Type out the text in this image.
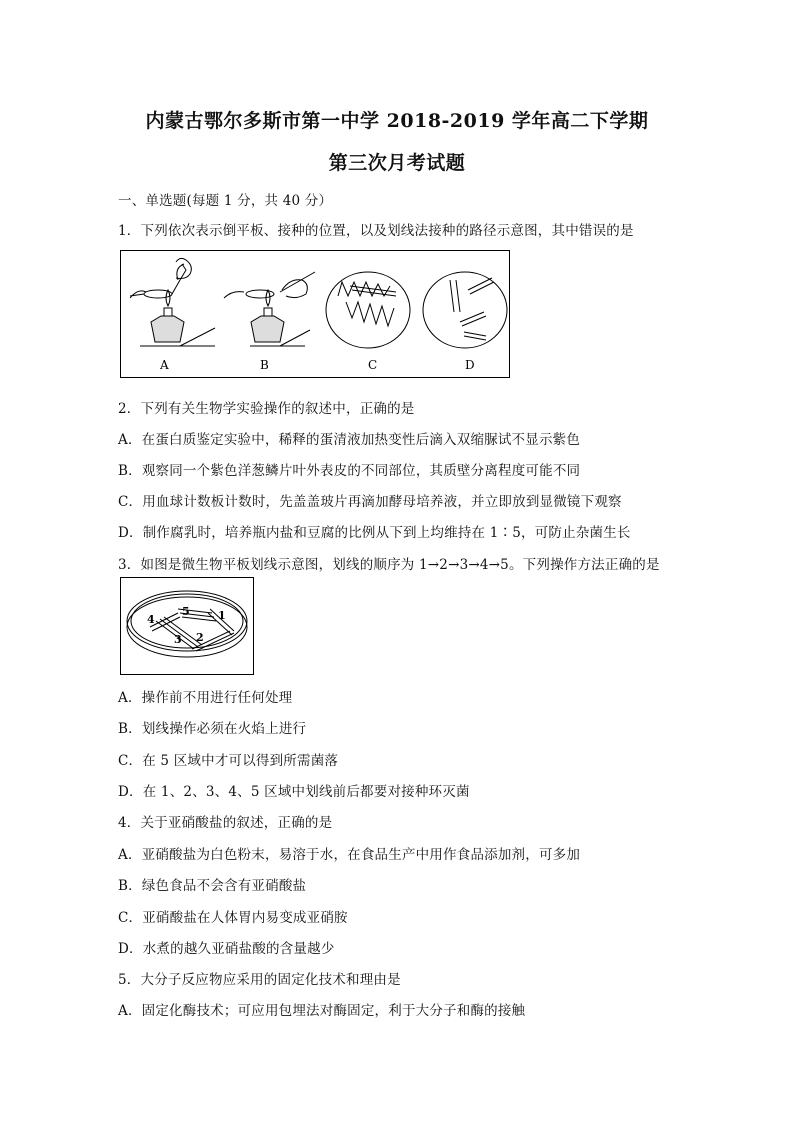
内蒙古鄂尔多斯市第一中学 2018-2019 学年高二下学期
第三次月考试题
一、单选题(每题 1 分，共 40 分）
1．下列依次表示倒平板、接种的位置，以及划线法接种的路径示意图，其中错误的是
A	B	C	D
2．下列有关生物学实验操作的叙述中，正确的是
A．在蛋白质鉴定实验中，稀释的蛋清液加热变性后滴入双缩脲试不显示紫色
B．观察同一个紫色洋葱鳞片叶外表皮的不同部位，其质壁分离程度可能不同
C．用血球计数板计数时，先盖盖玻片再滴加酵母培养液，并立即放到显微镜下观察
D．制作腐乳时，培养瓶内盐和豆腐的比例从下到上均维持在 1∶5，可防止杂菌生长
3．如图是微生物平板划线示意图，划线的顺序为 1→2→3→4→5。下列操作方法正确的是
4
5	1
3 2
A．操作前不用进行任何处理
B．划线操作必须在火焰上进行
C．在 5 区域中才可以得到所需菌落
D．在 1、2、3、4、5 区域中划线前后都要对接种环灭菌
4．关于亚硝酸盐的叙述，正确的是
A．亚硝酸盐为白色粉末，易溶于水，在食品生产中用作食品添加剂，可多加
B．绿色食品不会含有亚硝酸盐
C．亚硝酸盐在人体胃内易变成亚硝胺
D．水煮的越久亚硝盐酸的含量越少
5．大分子反应物应采用的固定化技术和理由是
A．固定化酶技术；可应用包埋法对酶固定，利于大分子和酶的接触
